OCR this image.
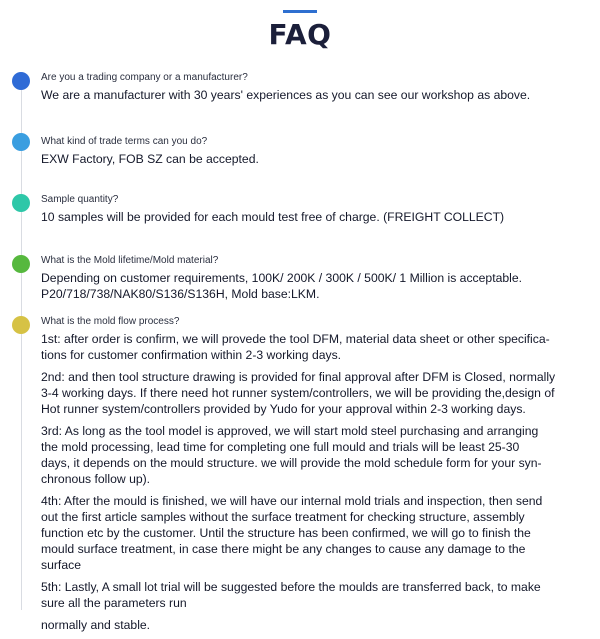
FAQ

Are you a trading company or a manufacturer?

We are a manufacturer with 30 years' experiences as you can see our workshop as above.

What kind of trade terms can you do?

EXW Factory, FOB SZ can be accepted.

Sample quantity?

10 samples will be provided for each mould test free of charge. (FREIGHT COLLECT)

What is the Mold lifetime/Mold material?

Depending on customer requirements, 100K/ 200K / 300K / 500K/ 1 Million is acceptable.
P20/718/738/NAK80/S136/S136H, Mold base:LKM.

What is the mold flow process?

1st: after order is confirm, we will provede the tool DFM, material data sheet or other specifica-
tions for customer confirmation within 2-3 working days.

2nd: and then tool structure drawing is provided for final approval after DFM is Closed, normally
3-4 working days. If there need hot runner system/controllers, we will be providing the,design of
Hot runner system/controllers provided by Yudo for your approval within 2-3 working days.

3rd: As long as the tool model is approved, we will start mold steel purchasing and arranging
the mold processing, lead time for completing one full mould and trials will be least 25-30
days, it depends on the mould structure. we will provide the mold schedule form for your syn-
chronous follow up).

4th: After the mould is finished, we will have our internal mold trials and inspection, then send
out the first article samples without the surface treatment for checking structure, assembly
function etc by the customer. Until the structure has been confirmed, we will go to finish the
mould surface treatment, in case there might be any changes to cause any damage to the
surface

5th: Lastly, A small lot trial will be suggested before the moulds are transferred back, to make
sure all the parameters run

normally and stable.
